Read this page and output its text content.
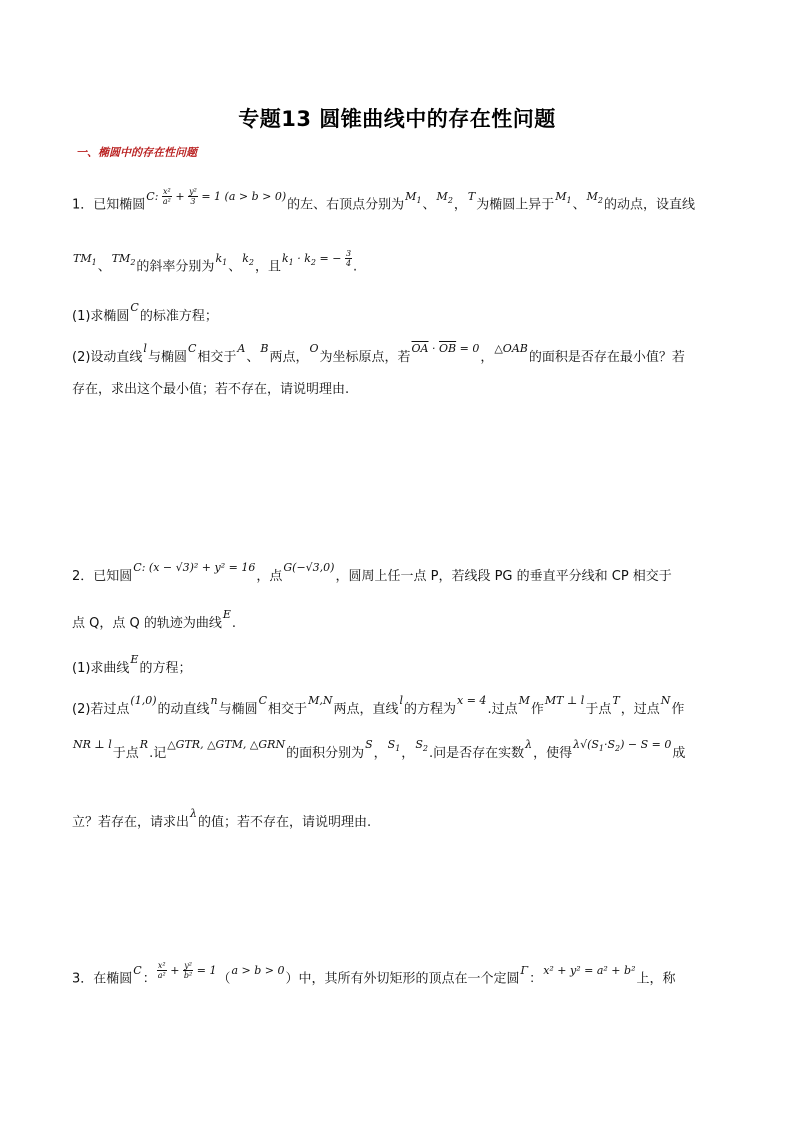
专题13 圆锥曲线中的存在性问题
一、椭圆中的存在性问题
1．已知椭圆$^{C: \frac{\text{x²}}{\text{a²}} + \frac{\text{y²}}{3} = 1 (a > b > 0)}$的左、右顶点分别为$^{M_1}$、$^{M_2}$，$^T$为椭圆上异于$^{M_1}$、$^{M_2}$的动点，设直线
$^{TM_1}$、$^{TM_2}$的斜率分别为$^{k_1}$、$^{k_2}$，且$^{k_1 \cdot k_2 = - \frac{3}{4}}$ .
(1)求椭圆$^C$的标准方程；
(2)设动直线$^l$与椭圆$^C$相交于$^A$、$^B$两点，$^O$为坐标原点，若$^{\overline{OA} \cdot \overline{OB} = 0}$，$^{\triangle OAB}$的面积是否存在最小值？若
存在，求出这个最小值；若不存在，请说明理由.
2．已知圆$^{C: (x - √3)^2 + y^2 = 16}$，点$^{G(-√3,0)}$，圆周上任一点 P，若线段 PG 的垂直平分线和 CP 相交于
点 Q，点 Q 的轨迹为曲线$^E$.
(1)求曲线$^E$的方程；
(2)若过点$^{(1,0)}$的动直线$^n$与椭圆$^C$相交于$^{M,N}$两点，直线$^l$的方程为$^{x = 4}$.过点$^M$作$^{MT \perp l}$于点$^T$，过点$^N$作
$^{NR \perp l}$于点$^R$.记$^{\triangle GTR, \triangle GTM, \triangle GRN}$的面积分别为$^S$，$^{S_1}$，$^{S_2}$.问是否存在实数$^\lambda$，使得$^{\lambda√(S_1\cdot S_2) - S = 0}$成
立？若存在，请求出$^\lambda$的值；若不存在，请说明理由.
3．在椭圆$^C$： $^{\frac{\text{x²}}{\text{a²}} + \frac{\text{y²}}{\text{b²}} = 1}$（$^{a > b > 0}$）中，其所有外切矩形的顶点在一个定圆$^\Gamma$：$^{x^2 + y^2 = a^2 + b^2}$上，称
